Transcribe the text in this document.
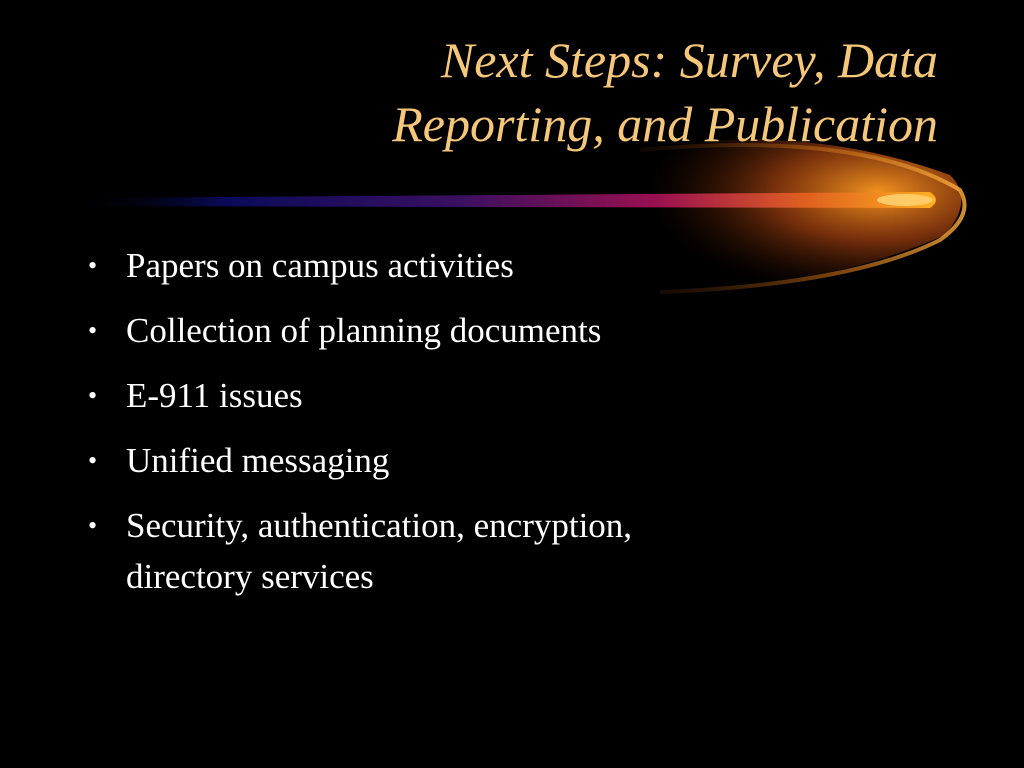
Next Steps: Survey, Data
Reporting, and Publication
• Papers on campus activities
• Collection of planning documents
• E-911 issues
• Unified messaging
• Security, authentication, encryption,
directory services
